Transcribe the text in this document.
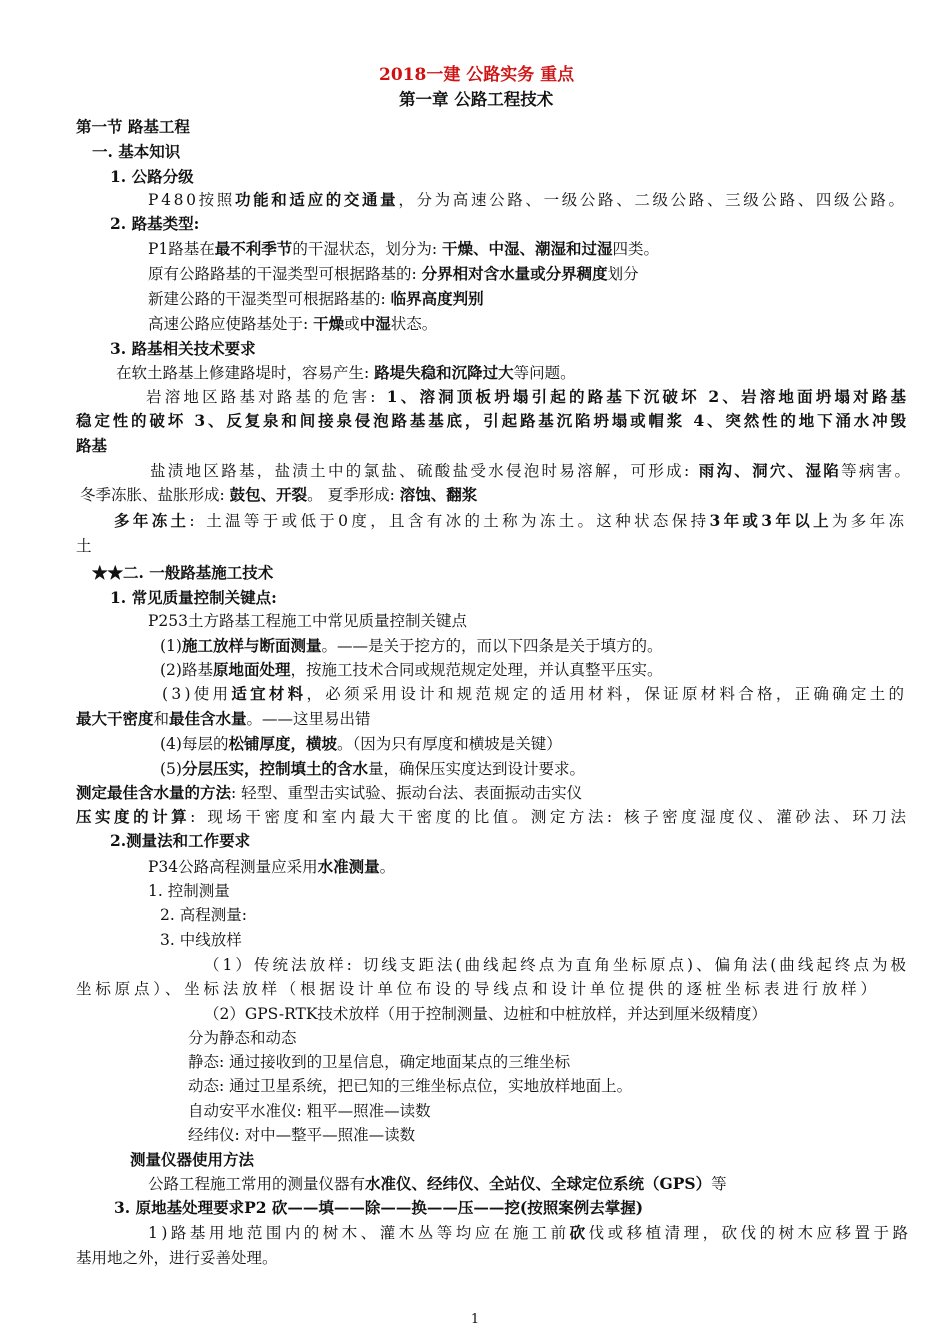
2018一建 公路实务 重点
第一章 公路工程技术
第一节 路基工程
一. 基本知识
1. 公路分级
P480按照功能和适应的交通量，分为高速公路、一级公路、二级公路、三级公路、四级公路。
2. 路基类型:
P1路基在最不利季节的干湿状态，划分为: 干燥、中湿、潮湿和过湿四类。
原有公路路基的干湿类型可根据路基的: 分界相对含水量或分界稠度划分
新建公路的干湿类型可根据路基的: 临界高度判别
高速公路应使路基处于: 干燥或中湿状态。
3. 路基相关技术要求
在软土路基上修建路堤时，容易产生: 路堤失稳和沉降过大等问题。
岩溶地区路基对路基的危害: 1、溶洞顶板坍塌引起的路基下沉破坏 2、岩溶地面坍塌对路基
稳定性的破坏 3、反复泉和间接泉侵泡路基基底，引起路基沉陷坍塌或帽浆 4、突然性的地下涌水冲毁
路基
盐渍地区路基，盐渍土中的氯盐、硫酸盐受水侵泡时易溶解，可形成: 雨沟、洞穴、湿陷等病害。
冬季冻胀、盐胀形成: 鼓包、开裂。 夏季形成: 溶蚀、翻浆
多年冻土: 土温等于或低于0度，且含有冰的土称为冻土。这种状态保持3年或3年以上为多年冻
土
★★二. 一般路基施工技术
1. 常见质量控制关键点:
P253土方路基工程施工中常见质量控制关键点
(1)施工放样与断面测量。——是关于挖方的，而以下四条是关于填方的。
(2)路基原地面处理，按施工技术合同或规范规定处理，并认真整平压实。
(3)使用适宜材料，必须采用设计和规范规定的适用材料，保证原材料合格，正确确定土的
最大干密度和最佳含水量。——这里易出错
(4)每层的松铺厚度，横坡。（因为只有厚度和横坡是关键）
(5)分层压实，控制填土的含水量，确保压实度达到设计要求。
测定最佳含水量的方法: 轻型、重型击实试验、振动台法、表面振动击实仪
压实度的计算: 现场干密度和室内最大干密度的比值。测定方法: 核子密度湿度仪、灌砂法、环刀法
2.测量法和工作要求
P34公路高程测量应采用水准测量。
1. 控制测量
2. 高程测量:
3. 中线放样
（1）传统法放样: 切线支距法(曲线起终点为直角坐标原点)、偏角法(曲线起终点为极
坐标原点）、坐标法放样（根据设计单位布设的导线点和设计单位提供的逐桩坐标表进行放样）
（2）GPS-RTK技术放样（用于控制测量、边桩和中桩放样，并达到厘米级精度）
分为静态和动态
静态: 通过接收到的卫星信息，确定地面某点的三维坐标
动态: 通过卫星系统，把已知的三维坐标点位，实地放样地面上。
自动安平水准仪: 粗平—照准—读数
经纬仪: 对中—整平—照准—读数
测量仪器使用方法
公路工程施工常用的测量仪器有水准仪、经纬仪、全站仪、全球定位系统（GPS）等
3. 原地基处理要求P2 砍——填——除——换——压——挖(按照案例去掌握)
1)路基用地范围内的树木、灌木丛等均应在施工前砍伐或移植清理，砍伐的树木应移置于路
基用地之外，进行妥善处理。
1
